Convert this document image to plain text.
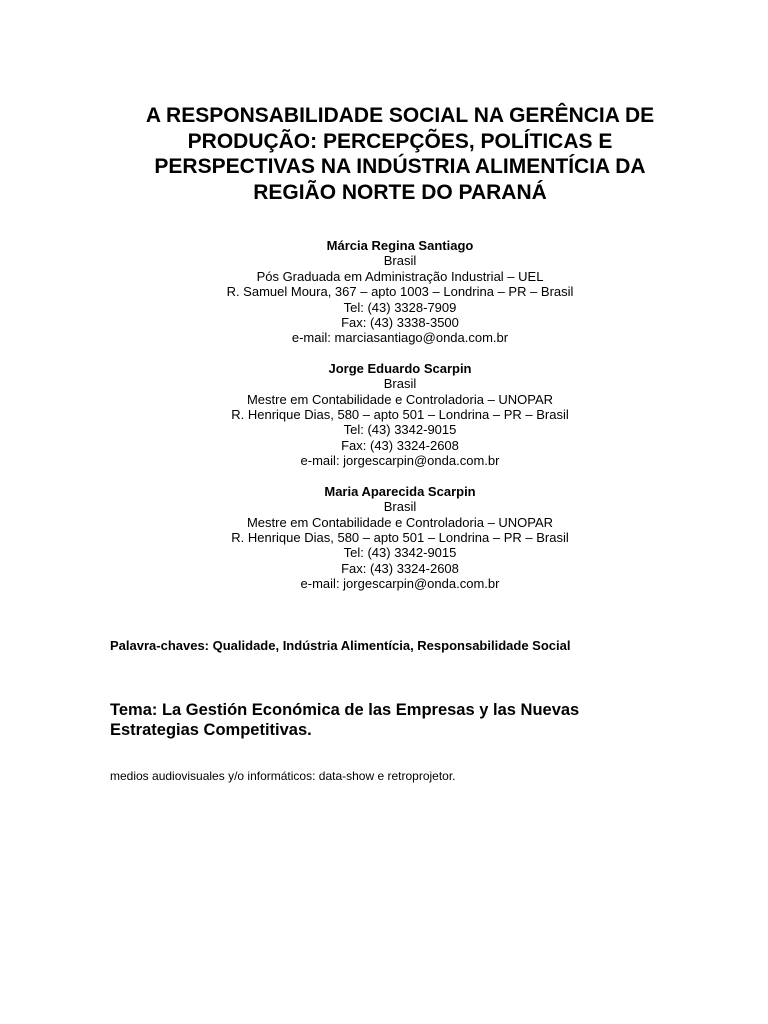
A RESPONSABILIDADE SOCIAL NA GERÊNCIA DE
PRODUÇÃO: PERCEPÇÕES, POLÍTICAS E
PERSPECTIVAS NA INDÚSTRIA ALIMENTÍCIA DA
REGIÃO NORTE DO PARANÁ
Márcia Regina Santiago
Brasil
Pós Graduada em Administração Industrial – UEL
R. Samuel Moura, 367 – apto 1003 – Londrina – PR – Brasil
Tel: (43) 3328-7909
Fax: (43) 3338-3500
e-mail: marciasantiago@onda.com.br
Jorge Eduardo Scarpin
Brasil
Mestre em Contabilidade e Controladoria – UNOPAR
R. Henrique Dias, 580 – apto 501 – Londrina – PR – Brasil
Tel: (43) 3342-9015
Fax: (43) 3324-2608
e-mail: jorgescarpin@onda.com.br
Maria Aparecida Scarpin
Brasil
Mestre em Contabilidade e Controladoria – UNOPAR
R. Henrique Dias, 580 – apto 501 – Londrina – PR – Brasil
Tel: (43) 3342-9015
Fax: (43) 3324-2608
e-mail: jorgescarpin@onda.com.br
Palavra-chaves: Qualidade, Indústria Alimentícia, Responsabilidade Social
Tema: La Gestión Económica de las Empresas y las Nuevas
Estrategias Competitivas.
medios audiovisuales y/o informáticos: data-show e retroprojetor.
